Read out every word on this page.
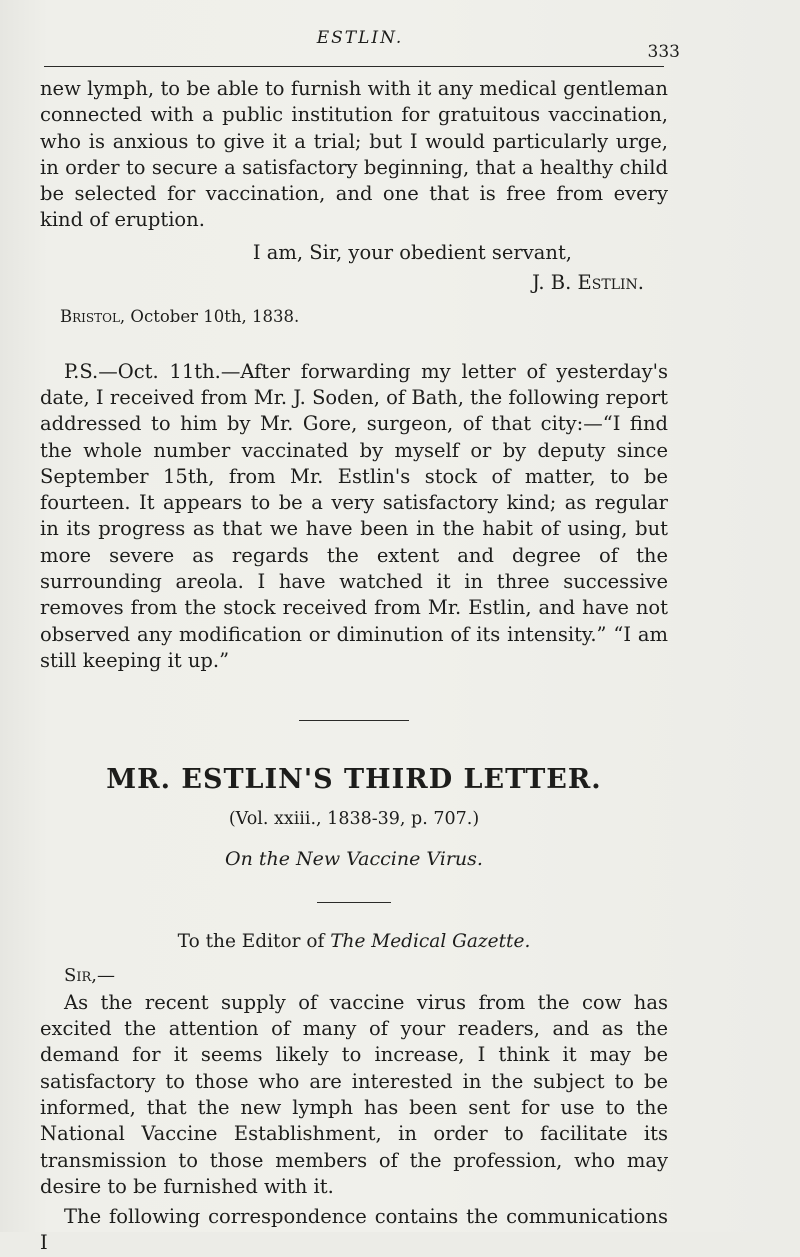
ESTLIN.
333

new lymph, to be able to furnish with it any medical gentleman connected with a public institution for gratuitous vaccination, who is anxious to give it a trial; but I would particularly urge, in order to secure a satisfactory beginning, that a healthy child be selected for vaccination, and one that is free from every kind of eruption.

I am, Sir, your obedient servant,

J. B. Estlin.

Bristol, October 10th, 1838.

P.S.—Oct. 11th.—After forwarding my letter of yesterday's date, I received from Mr. J. Soden, of Bath, the following report addressed to him by Mr. Gore, surgeon, of that city:—“I find the whole number vaccinated by myself or by deputy since September 15th, from Mr. Estlin's stock of matter, to be fourteen. It appears to be a very satisfactory kind; as regular in its progress as that we have been in the habit of using, but more severe as regards the extent and degree of the surrounding areola. I have watched it in three successive removes from the stock received from Mr. Estlin, and have not observed any modification or diminution of its intensity.” “I am still keeping it up.”

MR. ESTLIN'S THIRD LETTER.

(Vol. xxiii., 1838-39, p. 707.)

On the New Vaccine Virus.

To the Editor of The Medical Gazette.

Sir,—

As the recent supply of vaccine virus from the cow has excited the attention of many of your readers, and as the demand for it seems likely to increase, I think it may be satisfactory to those who are interested in the subject to be informed, that the new lymph has been sent for use to the National Vaccine Establishment, in order to facilitate its transmission to those members of the profession, who may desire to be furnished with it.

The following correspondence contains the communications I
